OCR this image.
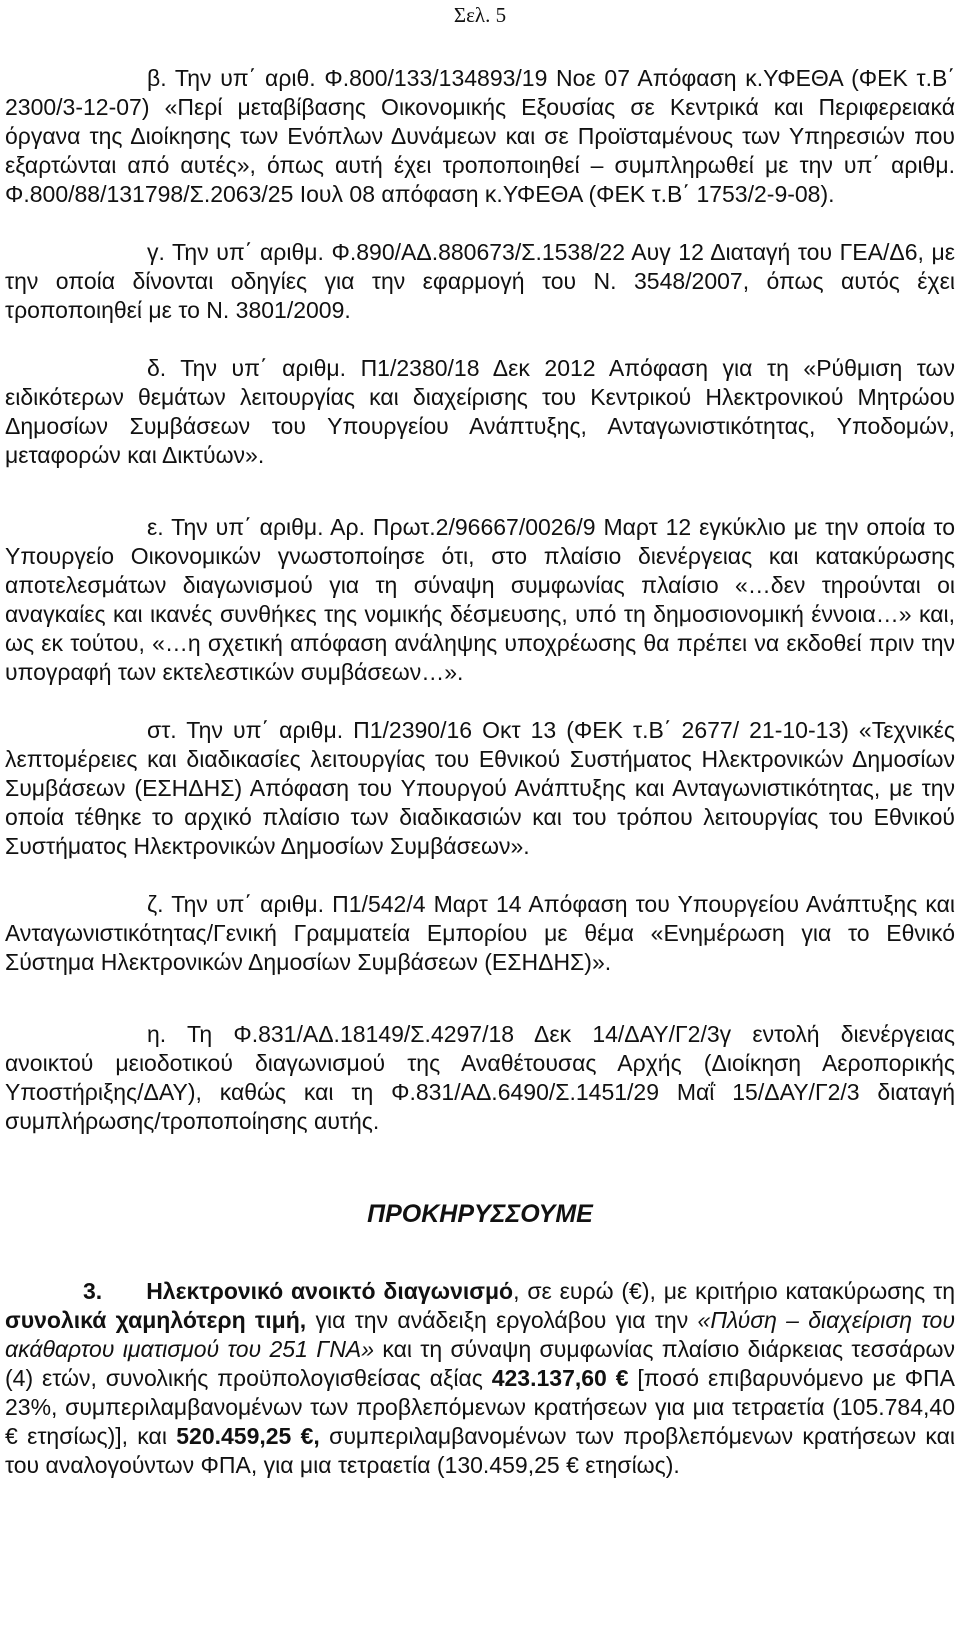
Σελ. 5

β. Την υπ΄ αριθ. Φ.800/133/134893/19 Νοε 07 Απόφαση κ.ΥΦΕΘΑ (ΦΕΚ τ.Β΄ 2300/3-12-07) «Περί μεταβίβασης Οικονομικής Εξουσίας σε Κεντρικά και Περιφερειακά όργανα της Διοίκησης των Ενόπλων Δυνάμεων και σε Προϊσταμένους των Υπηρεσιών που εξαρτώνται από αυτές», όπως αυτή έχει τροποποιηθεί – συμπληρωθεί με την υπ΄ αριθμ. Φ.800/88/131798/Σ.2063/25 Ιουλ 08 απόφαση κ.ΥΦΕΘΑ (ΦΕΚ τ.Β΄ 1753/2-9-08).

γ. Την υπ΄ αριθμ. Φ.890/ΑΔ.880673/Σ.1538/22 Αυγ 12 Διαταγή του ΓΕΑ/Δ6, με την οποία δίνονται οδηγίες για την εφαρμογή του Ν. 3548/2007, όπως αυτός έχει τροποποιηθεί με το Ν. 3801/2009.

δ. Την υπ΄ αριθμ. Π1/2380/18 Δεκ 2012 Απόφαση για τη «Ρύθμιση των ειδικότερων θεμάτων λειτουργίας και διαχείρισης του Κεντρικού Ηλεκτρονικού Μητρώου Δημοσίων Συμβάσεων του Υπουργείου Ανάπτυξης, Ανταγωνιστικότητας, Υποδομών, μεταφορών και Δικτύων».

ε. Την υπ΄ αριθμ. Αρ. Πρωτ.2/96667/0026/9 Μαρτ 12 εγκύκλιο με την οποία το Υπουργείο Οικονομικών γνωστοποίησε ότι, στο πλαίσιο διενέργειας και κατακύρωσης αποτελεσμάτων διαγωνισμού για τη σύναψη συμφωνίας πλαίσιο «…δεν τηρούνται οι αναγκαίες και ικανές συνθήκες της νομικής δέσμευσης, υπό τη δημοσιονομική έννοια…» και, ως εκ τούτου, «…η σχετική απόφαση ανάληψης υποχρέωσης θα πρέπει να εκδοθεί πριν την υπογραφή των εκτελεστικών συμβάσεων…».

στ. Την υπ΄ αριθμ. Π1/2390/16 Οκτ 13 (ΦΕΚ τ.Β΄ 2677/ 21-10-13) «Τεχνικές λεπτομέρειες και διαδικασίες λειτουργίας του Εθνικού Συστήματος Ηλεκτρονικών Δημοσίων Συμβάσεων (ΕΣΗΔΗΣ) Απόφαση του Υπουργού Ανάπτυξης και Ανταγωνιστικότητας, με την οποία τέθηκε το αρχικό πλαίσιο των διαδικασιών και του τρόπου λειτουργίας του Εθνικού Συστήματος Ηλεκτρονικών Δημοσίων Συμβάσεων».

ζ. Την υπ΄ αριθμ. Π1/542/4 Μαρτ 14 Απόφαση του Υπουργείου Ανάπτυξης και Ανταγωνιστικότητας/Γενική Γραμματεία Εμπορίου με θέμα «Ενημέρωση για το Εθνικό Σύστημα Ηλεκτρονικών Δημοσίων Συμβάσεων (ΕΣΗΔΗΣ)».

η. Τη Φ.831/ΑΔ.18149/Σ.4297/18 Δεκ 14/ΔΑΥ/Γ2/3γ εντολή διενέργειας ανοικτού μειοδοτικού διαγωνισμού της Αναθέτουσας Αρχής (Διοίκηση Αεροπορικής Υποστήριξης/ΔΑΥ), καθώς και τη Φ.831/ΑΔ.6490/Σ.1451/29 Μαΐ 15/ΔΑΥ/Γ2/3 διαταγή συμπλήρωσης/τροποποίησης αυτής.

ΠΡΟΚΗΡΥΣΣΟΥΜΕ

3. Ηλεκτρονικό ανοικτό διαγωνισμό, σε ευρώ (€), με κριτήριο κατακύρωσης τη συνολικά χαμηλότερη τιμή, για την ανάδειξη εργολάβου για την «Πλύση – διαχείριση του ακάθαρτου ιματισμού του 251 ΓΝΑ» και τη σύναψη συμφωνίας πλαίσιο διάρκειας τεσσάρων (4) ετών, συνολικής προϋπολογισθείσας αξίας 423.137,60 € [ποσό επιβαρυνόμενο με ΦΠΑ 23%, συμπεριλαμβανομένων των προβλεπόμενων κρατήσεων για μια τετραετία (105.784,40 € ετησίως)], και 520.459,25 €, συμπεριλαμβανομένων των προβλεπόμενων κρατήσεων και του αναλογούντων ΦΠΑ, για μια τετραετία (130.459,25 € ετησίως).
